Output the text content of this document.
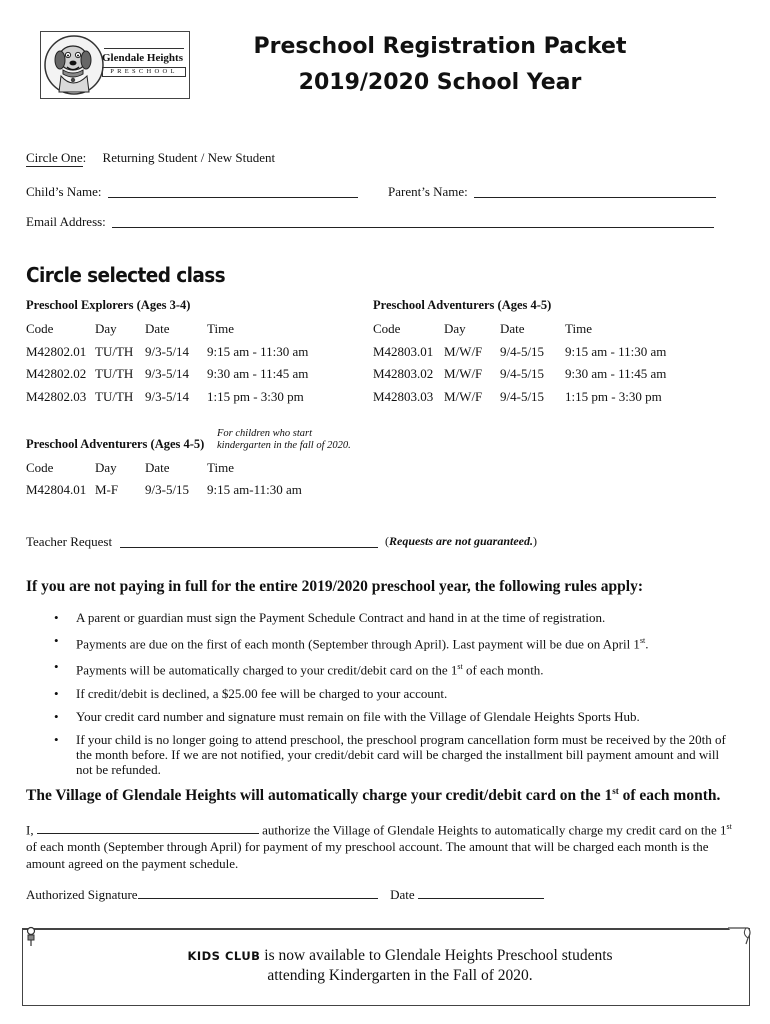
Glendale Heights
PRESCHOOL
Preschool Registration Packet
2019/2020 School Year
Circle One:     Returning Student / New Student
Child’s Name:	Parent’s Name:
Email Address:
Circle selected class
Preschool Explorers (Ages 3-4)
Code	Day Date	Time
M42802.01 TU/TH 9/3-5/14 9:15 am - 11:30 am
M42802.02 TU/TH 9/3-5/14 9:30 am - 11:45 am
M42802.03 TU/TH 9/3-5/14 1:15 pm - 3:30 pm
Preschool Adventurers (Ages 4-5)
Code	Day	Date	Time
M42803.01 M/W/F 9/4-5/15 9:15 am - 11:30 am
M42803.02 M/W/F 9/4-5/15 9:30 am - 11:45 am
M42803.03 M/W/F 9/4-5/15 1:15 pm - 3:30 pm
Preschool Adventurers (Ages 4-5)
For children who start
kindergarten in the fall of 2020.
Code	Day Date	Time
M42804.01 M-F 9/3-5/15 9:15 am-11:30 am
Teacher Request	(Requests are not guaranteed.)
If you are not paying in full for the entire 2019/2020 preschool year, the following rules apply:
• A parent or guardian must sign the Payment Schedule Contract and hand in at the time of registration.
• Payments are due on the first of each month (September through April). Last payment will be due on April 1st.
• Payments will be automatically charged to your credit/debit card on the 1st of each month.
• If credit/debit is declined, a $25.00 fee will be charged to your account.
• Your credit card number and signature must remain on file with the Village of Glendale Heights Sports Hub.
• If your child is no longer going to attend preschool, the preschool program cancellation form must be received by the 20th of the month before. If we are not notified, your credit/debit card will be charged the installment bill payment amount and will not be refunded.
The Village of Glendale Heights will automatically charge your credit/debit card on the 1st of each month.
I,	authorize the Village of Glendale Heights to automatically charge my credit card on the 1st of each month (September through April) for payment of my preschool account. The amount that will be charged each month is the amount agreed on the payment schedule.
Authorized Signature	Date
KIDS CLUB is now available to Glendale Heights Preschool students
attending Kindergarten in the Fall of 2020.
